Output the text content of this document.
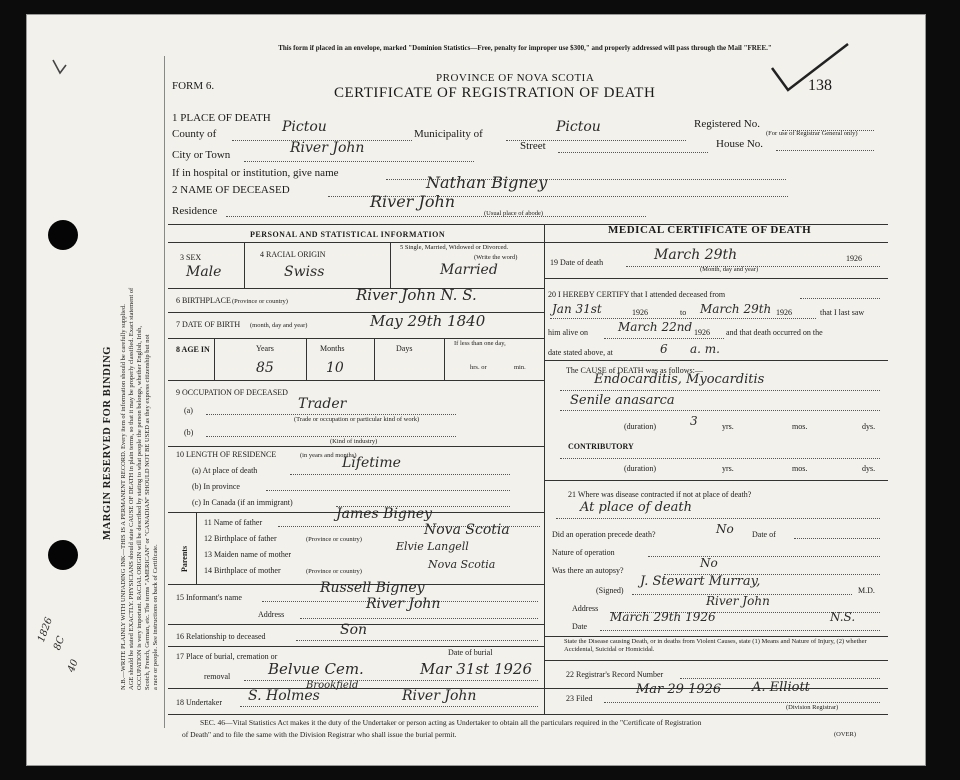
MARGIN RESERVED FOR BINDING N.B.—WRITE PLAINLY WITH UNFADING INK—THIS IS A PERMANENT RECORD. Every item of information should be carefully supplied. AGE should be stated EXACTLY. PHYSICIANS should state CAUSE OF DEATH in plain terms, so that it may be properly classified. Exact statement of OCCUPATION is very important. RACIAL ORIGIN will be described by stating to what people the person belongs, whether English, Irish, Scotch, French, German, etc. The terms "AMERICAN" or "CANADIAN" SHOULD NOT BE USED as they express citizenship but not a race or people. See instructions on back of Certificate.
1826
8C
40
This form if placed in an envelope, marked "Dominion Statistics—Free, penalty for improper use $300," and properly addressed will pass through the Mail "FREE."
FORM 6.
PROVINCE OF NOVA SCOTIA
CERTIFICATE OF REGISTRATION OF DEATH	138
1 PLACE OF DEATH
County of	Pictou	Municipality of	Pictou	Registered No.
(For use of Registrar General only)
City or Town	River John	Street	House No.
If in hospital or institution, give name
2 NAME OF DECEASED	Nathan Bigney
Residence	River John
(Usual place of abode)
PERSONAL AND STATISTICAL INFORMATION
3 SEX	4 RACIAL ORIGIN
5 Single, Married, Widowed or Divorced.
(Write the word)
Male	Swiss	Married
6 BIRTHPLACE (Province or country)	River John N. S.
7 DATE OF BIRTH (month, day and year)	May 29th 1840
8 AGE IN	Years	Months	Days
If less than one day,
hrs. or	min.
85	10
9 OCCUPATION OF DECEASED
(a)	Trader
(Trade or occupation or particular kind of work)
(b)
(Kind of industry)
10 LENGTH OF RESIDENCE	(in years and months)
(a) At place of death	Lifetime
(b) In province
(c) In Canada (if an immigrant)
Parents
11 Name of father
James Bigney
12 Birthplace of father	(Province or country)
Nova Scotia
13 Maiden name of mother
Elvie Langell
14 Birthplace of mother	(Province or country)
Nova Scotia
15 Informant's name
Russell Bigney
Address
River John
16 Relationship to deceased	Son
17 Place of burial, cremation or	Date of burial
removal	Belvue Cem.	Mar 31st 1926
18 Undertaker S. Holmes
Brookfield
River John
MEDICAL CERTIFICATE OF DEATH
19 Date of death	March 29th	1926
(Month, day and year)
20 I HEREBY CERTIFY that I attended deceased from
Jan 31st	1926	to March 29th 1926	that I last saw
him alive on	March 22nd 1926 and that death occurred on the
date stated above, at	6 a. m.
The CAUSE of DEATH was as follows:—
Endocarditis, Myocarditis
Senile anasarca
(duration)	3	yrs.	mos.	dys.
CONTRIBUTORY
(duration)	yrs.	mos.	dys.
21 Where was disease contracted if not at place of death?
At place of death
Did an operation precede death?	No Date of
Nature of operation
Was there an autopsy?
No
(Signed)
J. Stewart Murray,
M.D.
Address
River John
Date
March 29th 1926	N.S.
State the Disease causing Death, or in deaths from Violent Causes, state (1) Means and Nature of Injury, (2) whether Accidental, Suicidal or Homicidal.
22 Registrar's Record Number
23 Filed
Mar 29 1926 A. Elliott
(Division Registrar)
SEC. 46—Vital Statistics Act makes it the duty of the Undertaker or person acting as Undertaker to obtain all the particulars required in the "Certificate of Registration
of Death" and to file the same with the Division Registrar who shall issue the burial permit.	(OVER)
